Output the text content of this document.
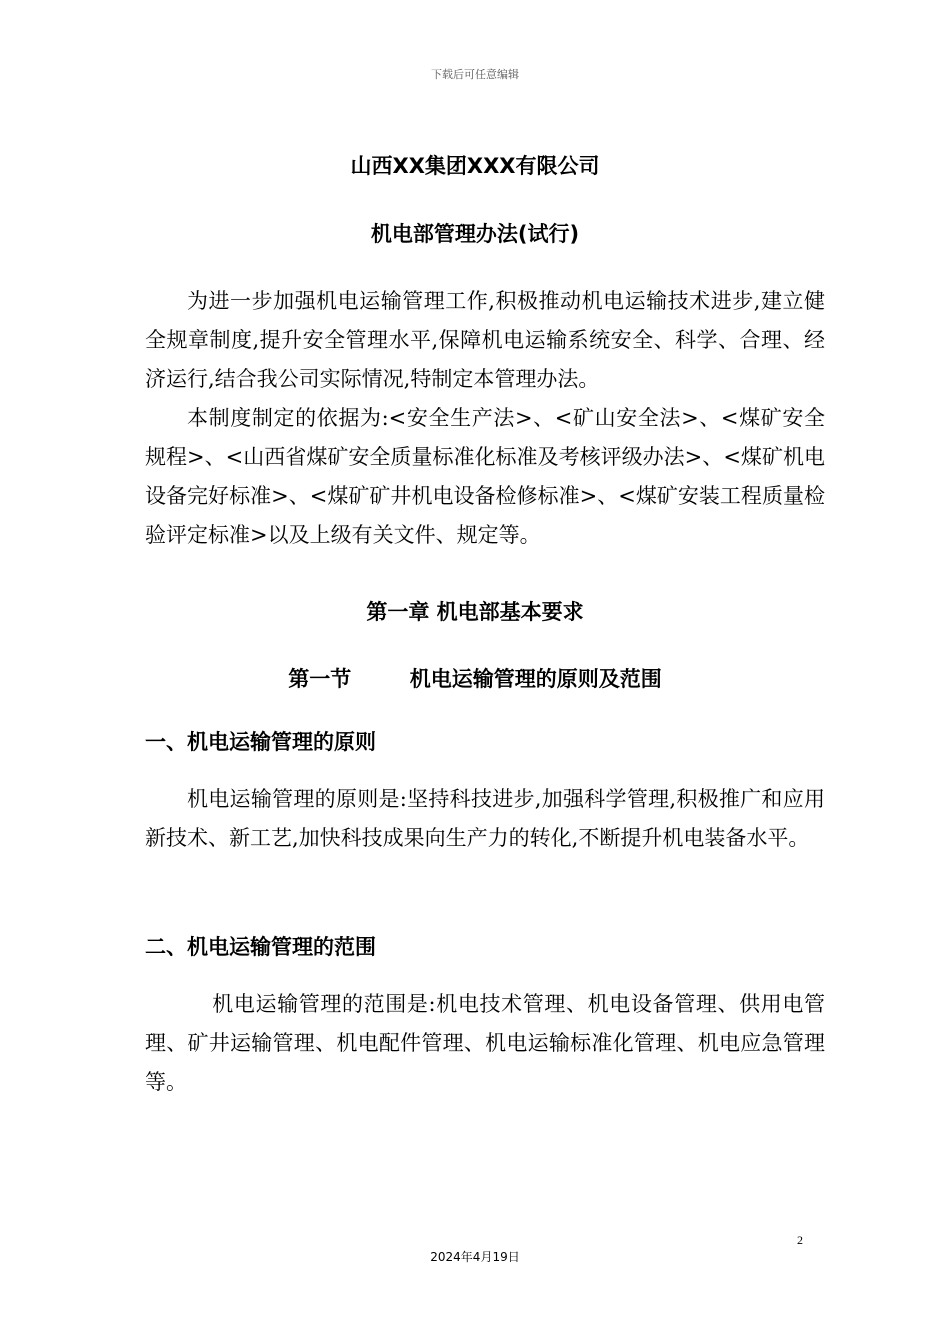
下载后可任意编辑
山西XX集团XXX有限公司
机电部管理办法(试行)

为进一步加强机电运输管理工作,积极推动机电运输技术进步,建立健全规章制度,提升安全管理水平,保障机电运输系统安全、科学、合理、经济运行,结合我公司实际情况,特制定本管理办法。

本制度制定的依据为:<安全生产法>、<矿山安全法>、<煤矿安全规程>、<山西省煤矿安全质量标准化标准及考核评级办法>、<煤矿机电设备完好标准>、<煤矿矿井机电设备检修标准>、<煤矿安装工程质量检验评定标准>以及上级有关文件、规定等。

第一章 机电部基本要求
第一节        机电运输管理的原则及范围
一、机电运输管理的原则

机电运输管理的原则是:坚持科技进步,加强科学管理,积极推广和应用新技术、新工艺,加快科技成果向生产力的转化,不断提升机电装备水平。

二、机电运输管理的范围

机电运输管理的范围是:机电技术管理、机电设备管理、供用电管理、矿井运输管理、机电配件管理、机电运输标准化管理、机电应急管理等。

2
2024年4月19日
